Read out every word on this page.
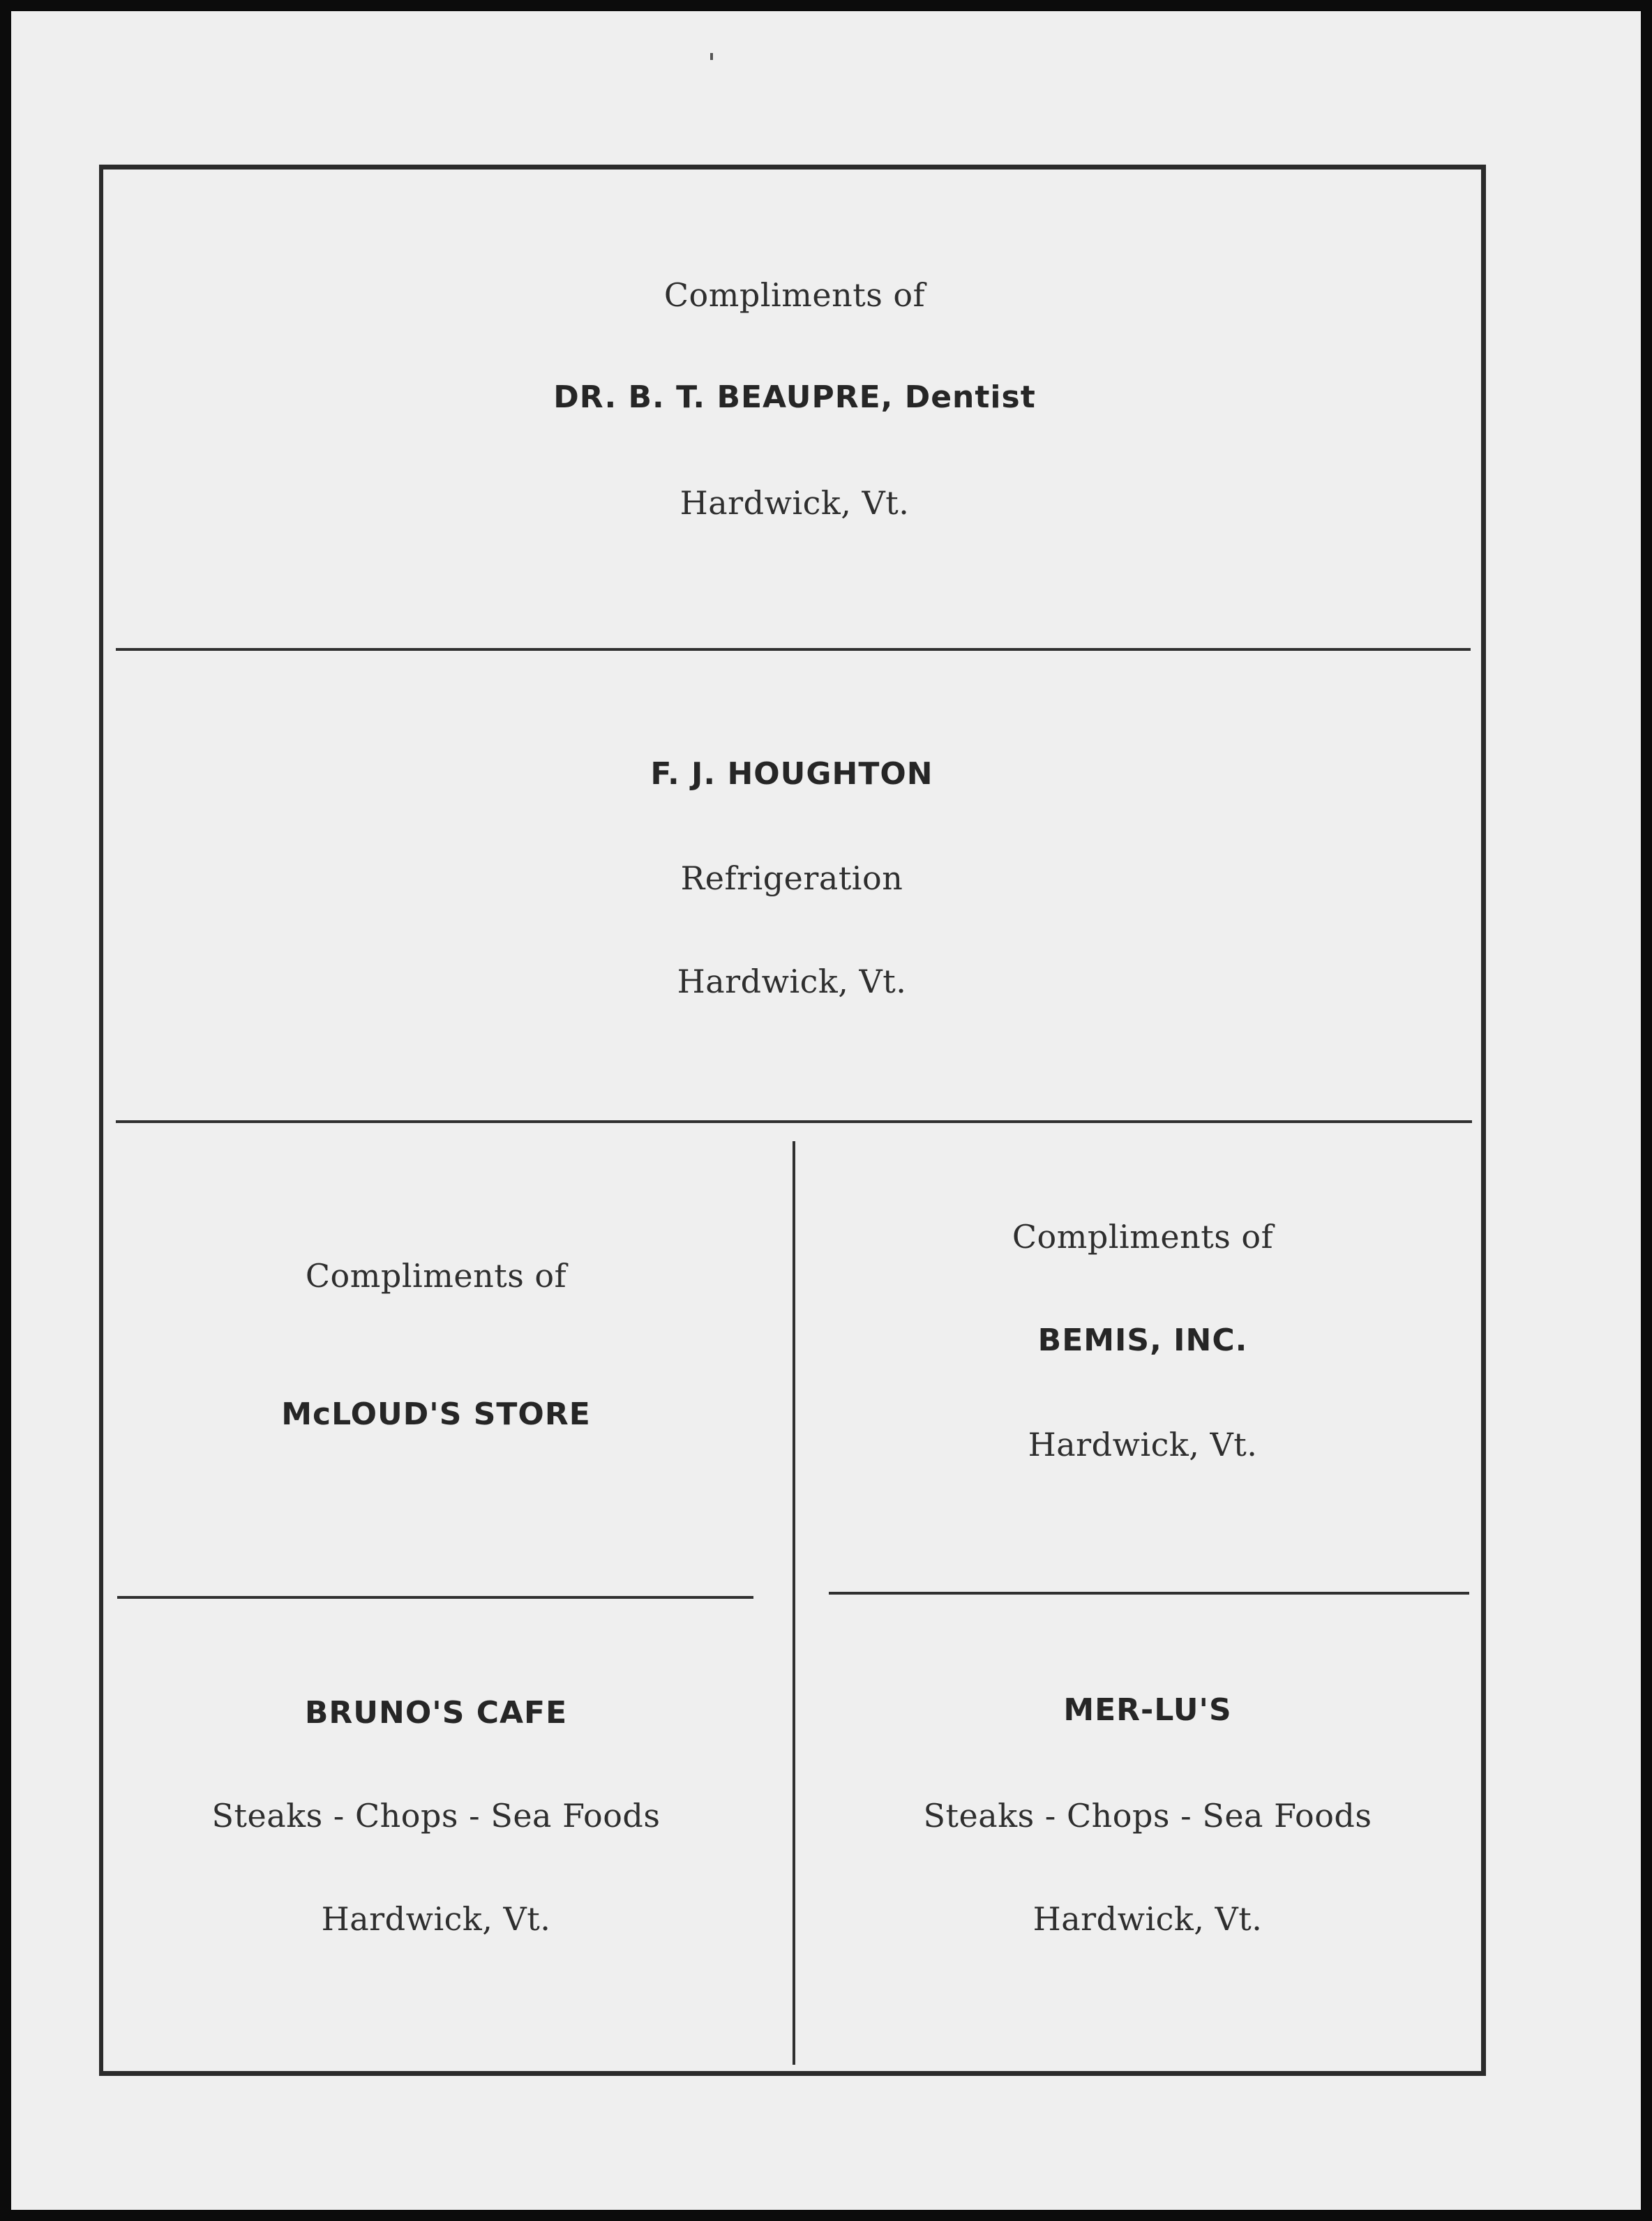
Compliments of
DR. B. T. BEAUPRE, Dentist
Hardwick, Vt.
F. J. HOUGHTON
Refrigeration
Hardwick, Vt.
Compliments of
McLOUD'S STORE
Compliments of
BEMIS, INC.
Hardwick, Vt.
BRUNO'S CAFE
Steaks - Chops - Sea Foods
Hardwick, Vt.
MER-LU'S
Steaks - Chops - Sea Foods
Hardwick, Vt.
